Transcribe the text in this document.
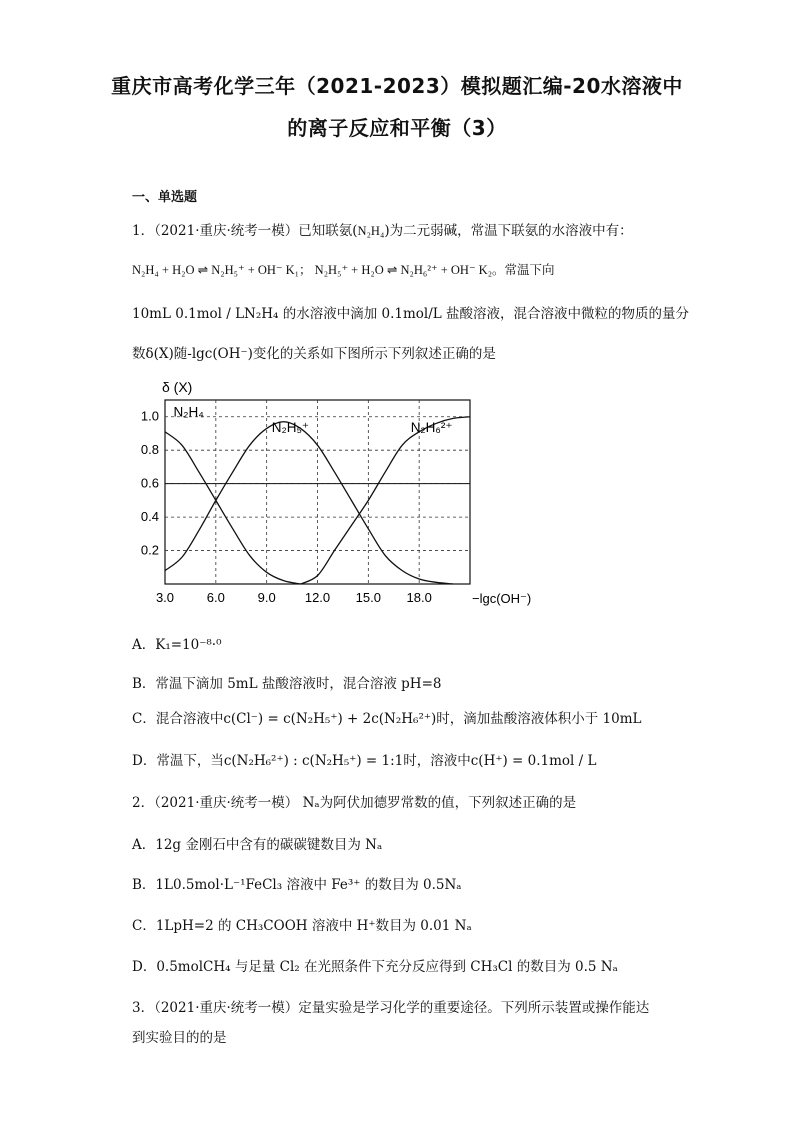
重庆市高考化学三年（2021-2023）模拟题汇编-20水溶液中
的离子反应和平衡（3）
一、单选题
1．（2021·重庆·统考一模）已知联氨(N₂H₄)为二元弱碱，常温下联氨的水溶液中有：
N₂H₄ + H₂O ⇌ N₂H₅⁺ + OH⁻ K₁； N₂H₅⁺ + H₂O ⇌ N₂H₆²⁺ + OH⁻ K₂。常温下向
10mL 0.1mol / LN₂H₄ 的水溶液中滴加 0.1mol/L 盐酸溶液，混合溶液中微粒的物质的量分
数δ(X)随-lgc(OH⁻)变化的关系如下图所示下列叙述正确的是
3.0	6.0	9.0 12.0 15.0 18.0
0.2
0.4
0.6
0.8
1.0
δ (X)
−lgc(OH⁻)
N₂H₄
N₂H₅⁺	N₂H₆²⁺
A．K₁=10⁻⁸·⁰
B．常温下滴加 5mL 盐酸溶液时，混合溶液 pH=8
C．混合溶液中c(Cl⁻) = c(N₂H₅⁺) + 2c(N₂H₆²⁺)时，滴加盐酸溶液体积小于 10mL
D．常温下，当c(N₂H₆²⁺) : c(N₂H₅⁺) = 1:1时，溶液中c(H⁺) = 0.1mol / L
2．（2021·重庆·统考一模） Nₐ为阿伏加德罗常数的值，下列叙述正确的是
A．12g 金刚石中含有的碳碳键数目为 Nₐ
B．1L0.5mol·L⁻¹FeCl₃ 溶液中 Fe³⁺ 的数目为 0.5Nₐ
C．1LpH=2 的 CH₃COOH 溶液中 H⁺数目为 0.01 Nₐ
D．0.5molCH₄ 与足量 Cl₂ 在光照条件下充分反应得到 CH₃Cl 的数目为 0.5 Nₐ
3．（2021·重庆·统考一模）定量实验是学习化学的重要途径。下列所示装置或操作能达
到实验目的的是
